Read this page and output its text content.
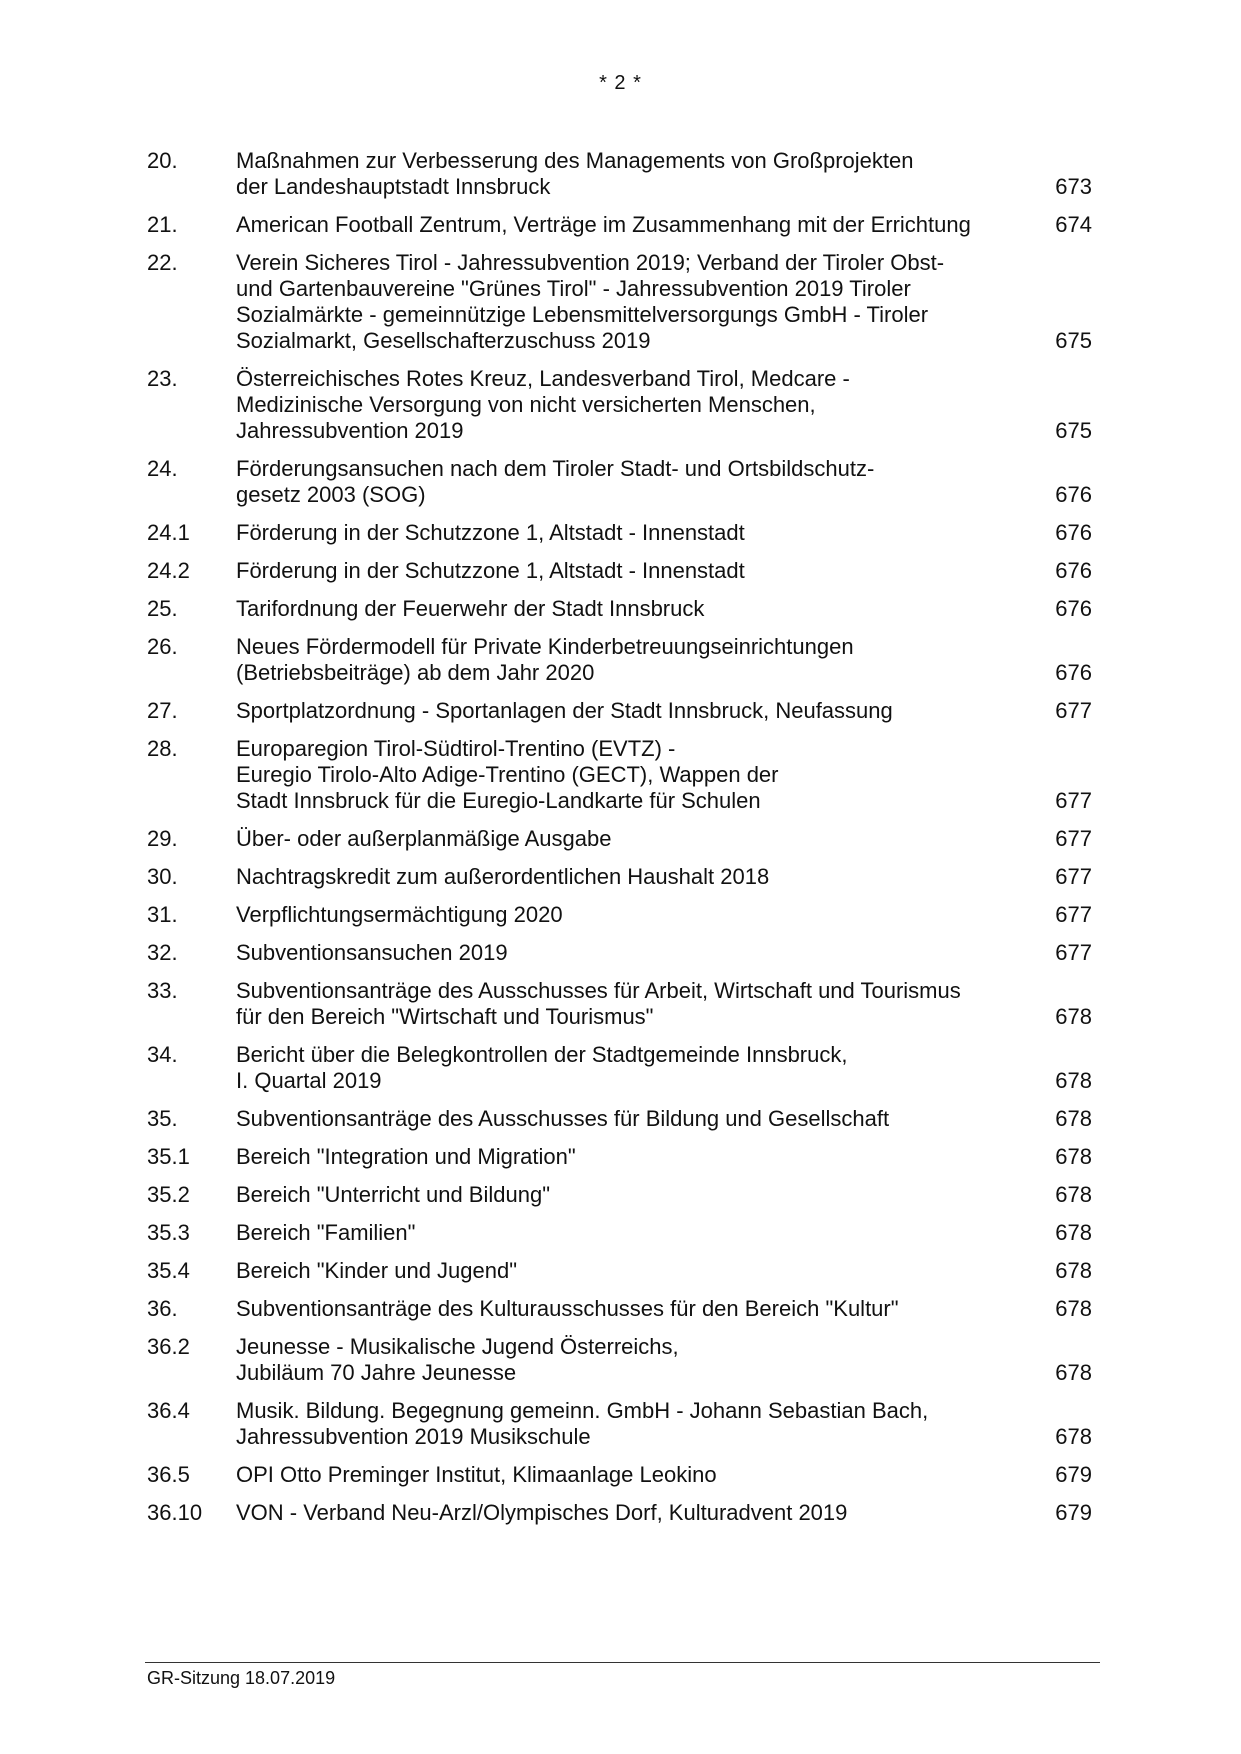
* 2 *
20.	Maßnahmen zur Verbesserung des Managements von Großprojekten
der Landeshauptstadt Innsbruck	673
21.	American Football Zentrum, Verträge im Zusammenhang mit der Errichtung	674
22.	Verein Sicheres Tirol - Jahressubvention 2019; Verband der Tiroler Obst-
und Gartenbauvereine "Grünes Tirol" - Jahressubvention 2019 Tiroler
Sozialmärkte - gemeinnützige Lebensmittelversorgungs GmbH - Tiroler
Sozialmarkt, Gesellschafterzuschuss 2019	675
23.	Österreichisches Rotes Kreuz, Landesverband Tirol, Medcare -
Medizinische Versorgung von nicht versicherten Menschen,
Jahressubvention 2019	675
24.	Förderungsansuchen nach dem Tiroler Stadt- und Ortsbildschutz-
gesetz 2003 (SOG)	676
24.1	Förderung in der Schutzzone 1, Altstadt - Innenstadt	676
24.2	Förderung in der Schutzzone 1, Altstadt - Innenstadt	676
25.	Tarifordnung der Feuerwehr der Stadt Innsbruck	676
26.	Neues Fördermodell für Private Kinderbetreuungseinrichtungen
(Betriebsbeiträge) ab dem Jahr 2020	676
27.	Sportplatzordnung - Sportanlagen der Stadt Innsbruck, Neufassung	677
28.	Europaregion Tirol-Südtirol-Trentino (EVTZ) -
Euregio Tirolo-Alto Adige-Trentino (GECT), Wappen der
Stadt Innsbruck für die Euregio-Landkarte für Schulen	677
29.	Über- oder außerplanmäßige Ausgabe	677
30.	Nachtragskredit zum außerordentlichen Haushalt 2018	677
31.	Verpflichtungsermächtigung 2020	677
32.	Subventionsansuchen 2019	677
33.	Subventionsanträge des Ausschusses für Arbeit, Wirtschaft und Tourismus
für den Bereich "Wirtschaft und Tourismus"	678
34.	Bericht über die Belegkontrollen der Stadtgemeinde Innsbruck,
I. Quartal 2019	678
35.	Subventionsanträge des Ausschusses für Bildung und Gesellschaft	678
35.1	Bereich "Integration und Migration"	678
35.2	Bereich "Unterricht und Bildung"	678
35.3	Bereich "Familien"	678
35.4	Bereich "Kinder und Jugend"	678
36.	Subventionsanträge des Kulturausschusses für den Bereich "Kultur"	678
36.2	Jeunesse - Musikalische Jugend Österreichs,
Jubiläum 70 Jahre Jeunesse	678
36.4	Musik. Bildung. Begegnung gemeinn. GmbH - Johann Sebastian Bach,
Jahressubvention 2019 Musikschule	678
36.5	OPI Otto Preminger Institut, Klimaanlage Leokino	679
36.10	VON - Verband Neu-Arzl/Olympisches Dorf, Kulturadvent 2019	679
GR-Sitzung 18.07.2019
